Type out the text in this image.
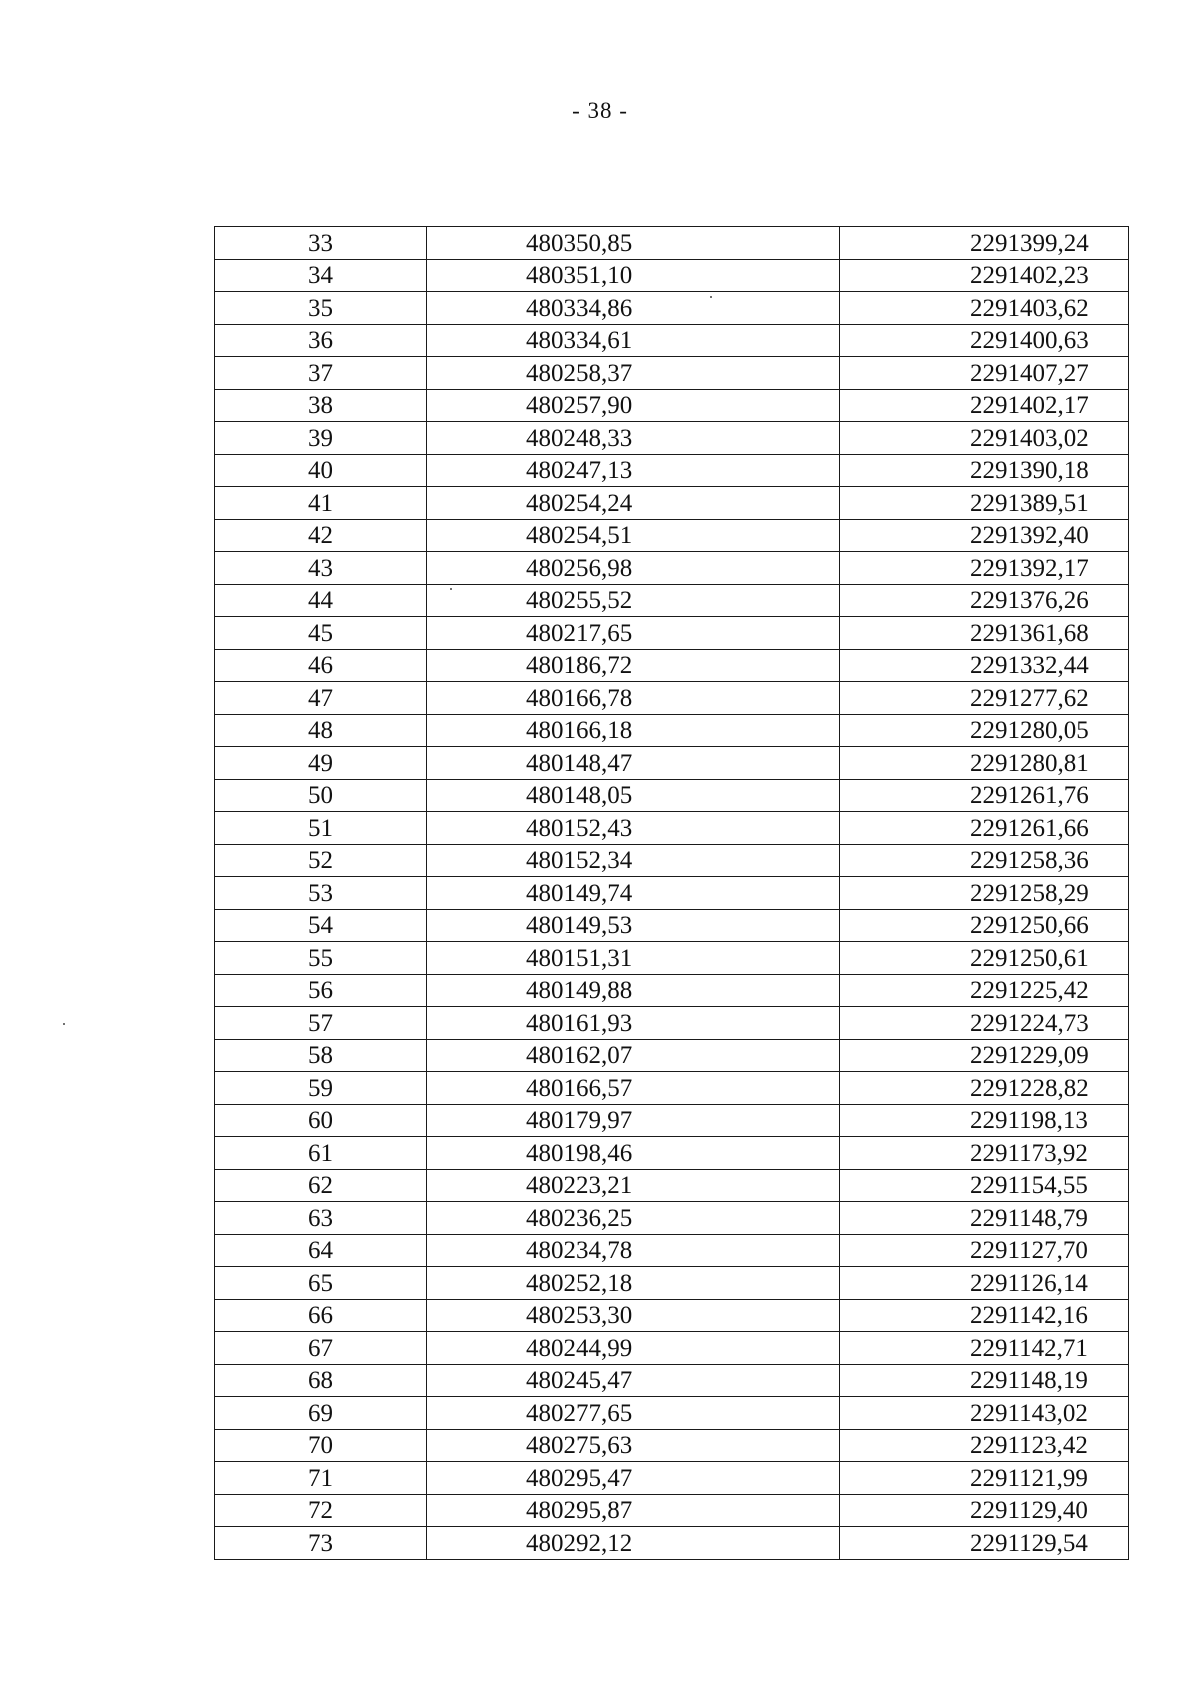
- 38 -
33	480350,85	2291399,24
34	480351,10	2291402,23
35	480334,86	2291403,62
36	480334,61	2291400,63
37	480258,37	2291407,27
38	480257,90	2291402,17
39	480248,33	2291403,02
40	480247,13	2291390,18
41	480254,24	2291389,51
42	480254,51	2291392,40
43	480256,98	2291392,17
44	480255,52	2291376,26
45	480217,65	2291361,68
46	480186,72	2291332,44
47	480166,78	2291277,62
48	480166,18	2291280,05
49	480148,47	2291280,81
50	480148,05	2291261,76
51	480152,43	2291261,66
52	480152,34	2291258,36
53	480149,74	2291258,29
54	480149,53	2291250,66
55	480151,31	2291250,61
56	480149,88	2291225,42
57	480161,93	2291224,73
58	480162,07	2291229,09
59	480166,57	2291228,82
60	480179,97	2291198,13
61	480198,46	2291173,92
62	480223,21	2291154,55
63	480236,25	2291148,79
64	480234,78	2291127,70
65	480252,18	2291126,14
66	480253,30	2291142,16
67	480244,99	2291142,71
68	480245,47	2291148,19
69	480277,65	2291143,02
70	480275,63	2291123,42
71	480295,47	2291121,99
72	480295,87	2291129,40
73	480292,12	2291129,54
